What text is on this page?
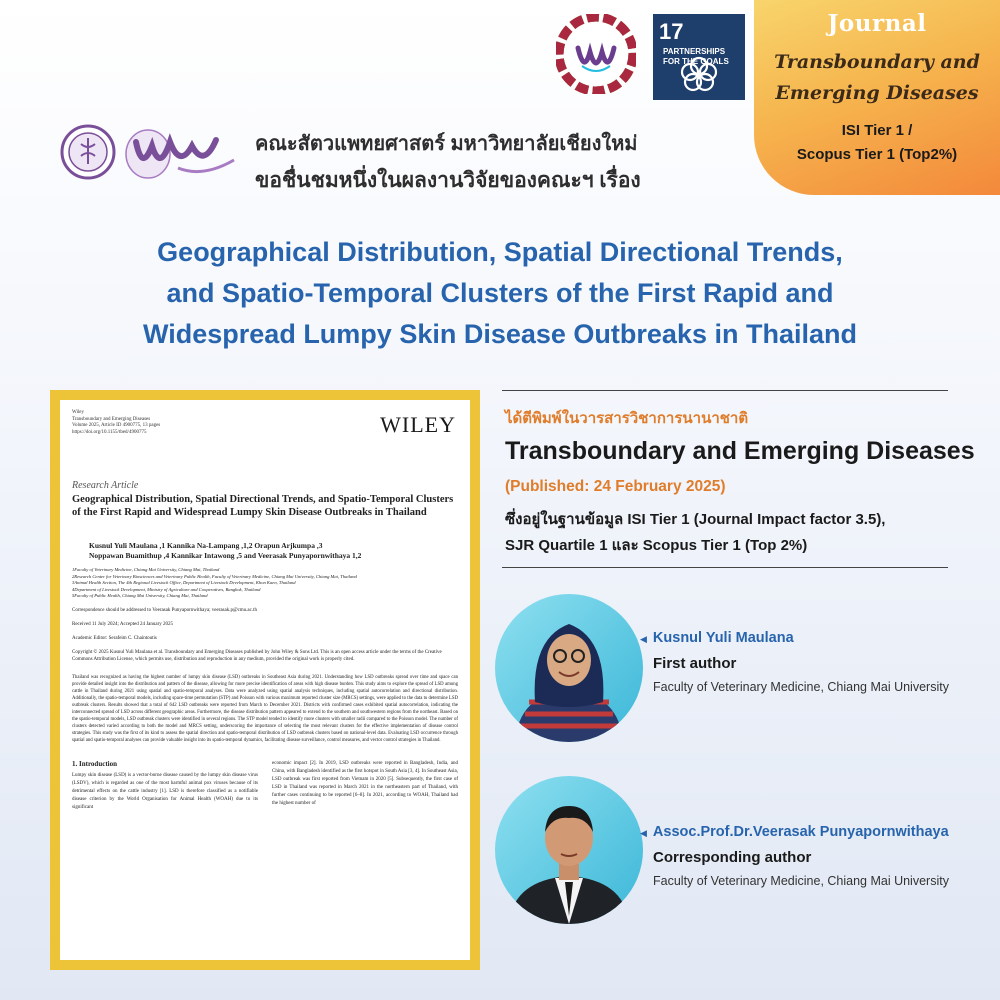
17PARTNERSHIPS
FOR THE GOALS
Journal
Transboundary and
Emerging Diseases
ISI Tier 1 /
Scopus Tier 1 (Top2%)
คณะสัตวแพทยศาสตร์ มหาวิทยาลัยเชียงใหม่
ขอชื่นชมหนึ่งในผลงานวิจัยของคณะฯ เรื่อง
Geographical Distribution, Spatial Directional Trends,
and Spatio-Temporal Clusters of the First Rapid and
Widespread Lumpy Skin Disease Outbreaks in Thailand
Wiley
Transboundary and Emerging Diseases
Volume 2025, Article ID 4900775, 13 pages
https://doi.org/10.1155/tbed/4900775	WILEY
Research Article
Geographical Distribution, Spatial Directional Trends, and Spatio-Temporal Clusters of the First Rapid and Widespread Lumpy Skin Disease Outbreaks in Thailand
Kusnul Yuli Maulana ,1 Kannika Na-Lampang ,1,2 Orapun Arjkumpa ,3
Noppawan Buamithup ,4 Kannikar Intawong ,5 and Veerasak Punyapornwithaya 1,2
1Faculty of Veterinary Medicine, Chiang Mai University, Chiang Mai, Thailand
2Research Center for Veterinary Biosciences and Veterinary Public Health, Faculty of Veterinary Medicine, Chiang Mai University, Chiang Mai, Thailand
3Animal Health Section, The 4th Regional Livestock Office, Department of Livestock Development, Khon Kaen, Thailand
4Department of Livestock Development, Ministry of Agriculture and Cooperatives, Bangkok, Thailand
5Faculty of Public Health, Chiang Mai University, Chiang Mai, Thailand
Correspondence should be addressed to Veerasak Punyapornwithaya; veerasak.p@cmu.ac.th
Received 11 July 2024; Accepted 24 January 2025
Academic Editor: Serafeim C. Chaintoutis
Copyright © 2025 Kusnul Yuli Maulana et al. Transboundary and Emerging Diseases published by John Wiley & Sons Ltd. This is an open access article under the terms of the Creative Commons Attribution License, which permits use, distribution and reproduction in any medium, provided the original work is properly cited.
Thailand was recognized as having the highest number of lumpy skin disease (LSD) outbreaks in Southeast Asia during 2021. Understanding how LSD outbreaks spread over time and space can provide detailed insight into the distribution and pattern of the disease, allowing for more precise identification of areas with high disease burden. This study aims to explore the spread of LSD among cattle in Thailand during 2021 using spatial and spatio-temporal analyses. Data were analyzed using spatial analysis techniques, including spatial autocorrelation and directional distribution. Additionally, the spatio-temporal models, including space-time permutation (STP) and Poisson with various maximum reported cluster size (MRCS) settings, were applied to the data to determine LSD outbreak clusters. Results showed that a total of 642 LSD outbreaks were reported from March to December 2021. Districts with confirmed cases exhibited spatial autocorrelation, indicating the interconnected spread of LSD across different geographic areas. Furthermore, the disease distribution pattern appeared to extend to the southern and southwestern regions from the northeast. Based on the spatio-temporal models, LSD outbreak clusters were identified in several regions. The STP model tended to identify more clusters with smaller radii compared to the Poisson model. The number of clusters detected varied according to both the model and MRCS setting, underscoring the importance of selecting the most relevant clusters for the effective implementation of disease control strategies. This study was the first of its kind to assess the spatial direction and spatio-temporal distribution of LSD outbreak clusters based on national-level data. Evaluating LSD occurrence through spatial and spatio-temporal analyses can provide valuable insight into its spatio-temporal dynamics, facilitating disease surveillance, control measures, and vector control strategies in Thailand.
1. Introduction
Lumpy skin disease (LSD) is a vector-borne disease caused by the lumpy skin disease virus (LSDV), which is regarded as one of the most harmful animal pox viruses because of its detrimental effects on the cattle industry [1]. LSD is therefore classified as a notifiable disease criterion by the World Organisation for Animal Health (WOAH) due to its significant
economic impact [2]. In 2019, LSD outbreaks were reported in Bangladesh, India, and China, with Bangladesh identified as the first hotspot in South Asia [3, 4]. In Southeast Asia, LSD outbreak was first reported from Vietnam in 2020 [5]. Subsequently, the first case of LSD in Thailand was reported in March 2021 in the northeastern part of Thailand, with further cases continuing to be reported [6–8]. In 2021, according to WOAH, Thailand had the highest number of
ได้ตีพิมพ์ในวารสารวิชาการนานาชาติ
Transboundary and Emerging Diseases
(Published: 24 February 2025)
ซึ่งอยู่ในฐานข้อมูล ISI Tier 1 (Journal Impact factor 3.5),
SJR Quartile 1 และ Scopus Tier 1 (Top 2%)
◀ Kusnul Yuli Maulana
First author
Faculty of Veterinary Medicine, Chiang Mai University
◀ Assoc.Prof.Dr.Veerasak Punyapornwithaya
Corresponding author
Faculty of Veterinary Medicine, Chiang Mai University
